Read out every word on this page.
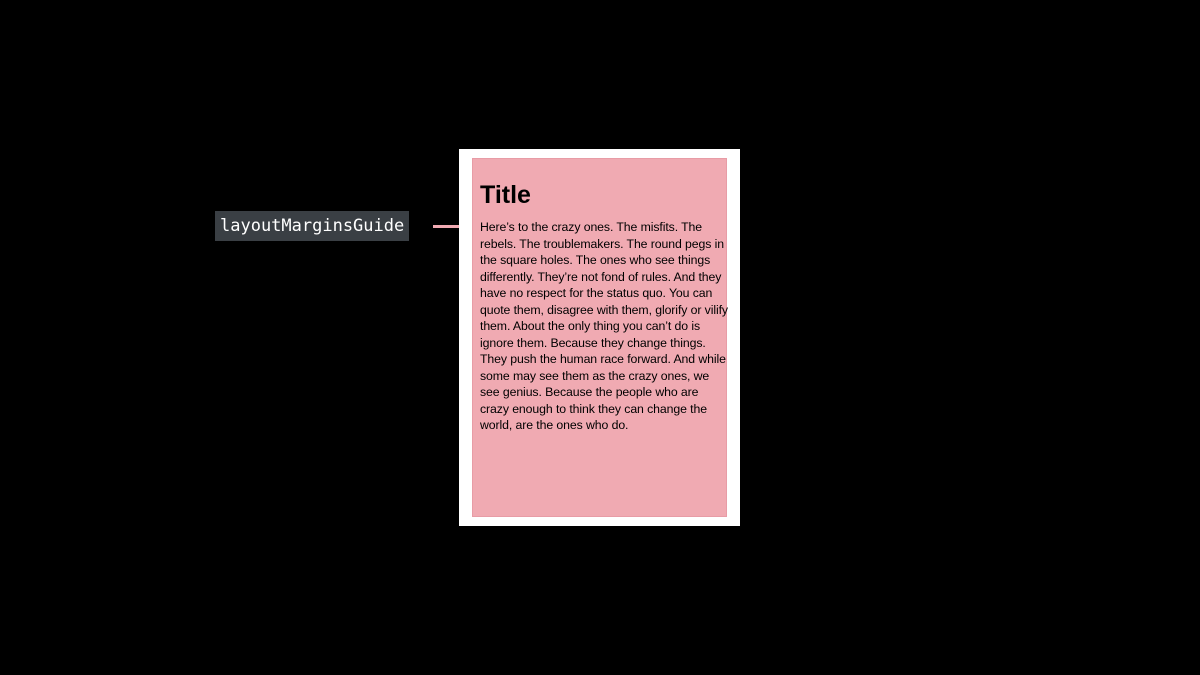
layoutMarginsGuide
Title

Here’s to the crazy ones. The misfits. The rebels. The troublemakers. The round pegs in the square holes. The ones who see things differently. They’re not fond of rules. And they have no respect for the status quo. You can quote them, disagree with them, glorify or vilify them. About the only thing you can’t do is ignore them. Because they change things. They push the human race forward. And while some may see them as the crazy ones, we see genius. Because the people who are crazy enough to think they can change the world, are the ones who do.
